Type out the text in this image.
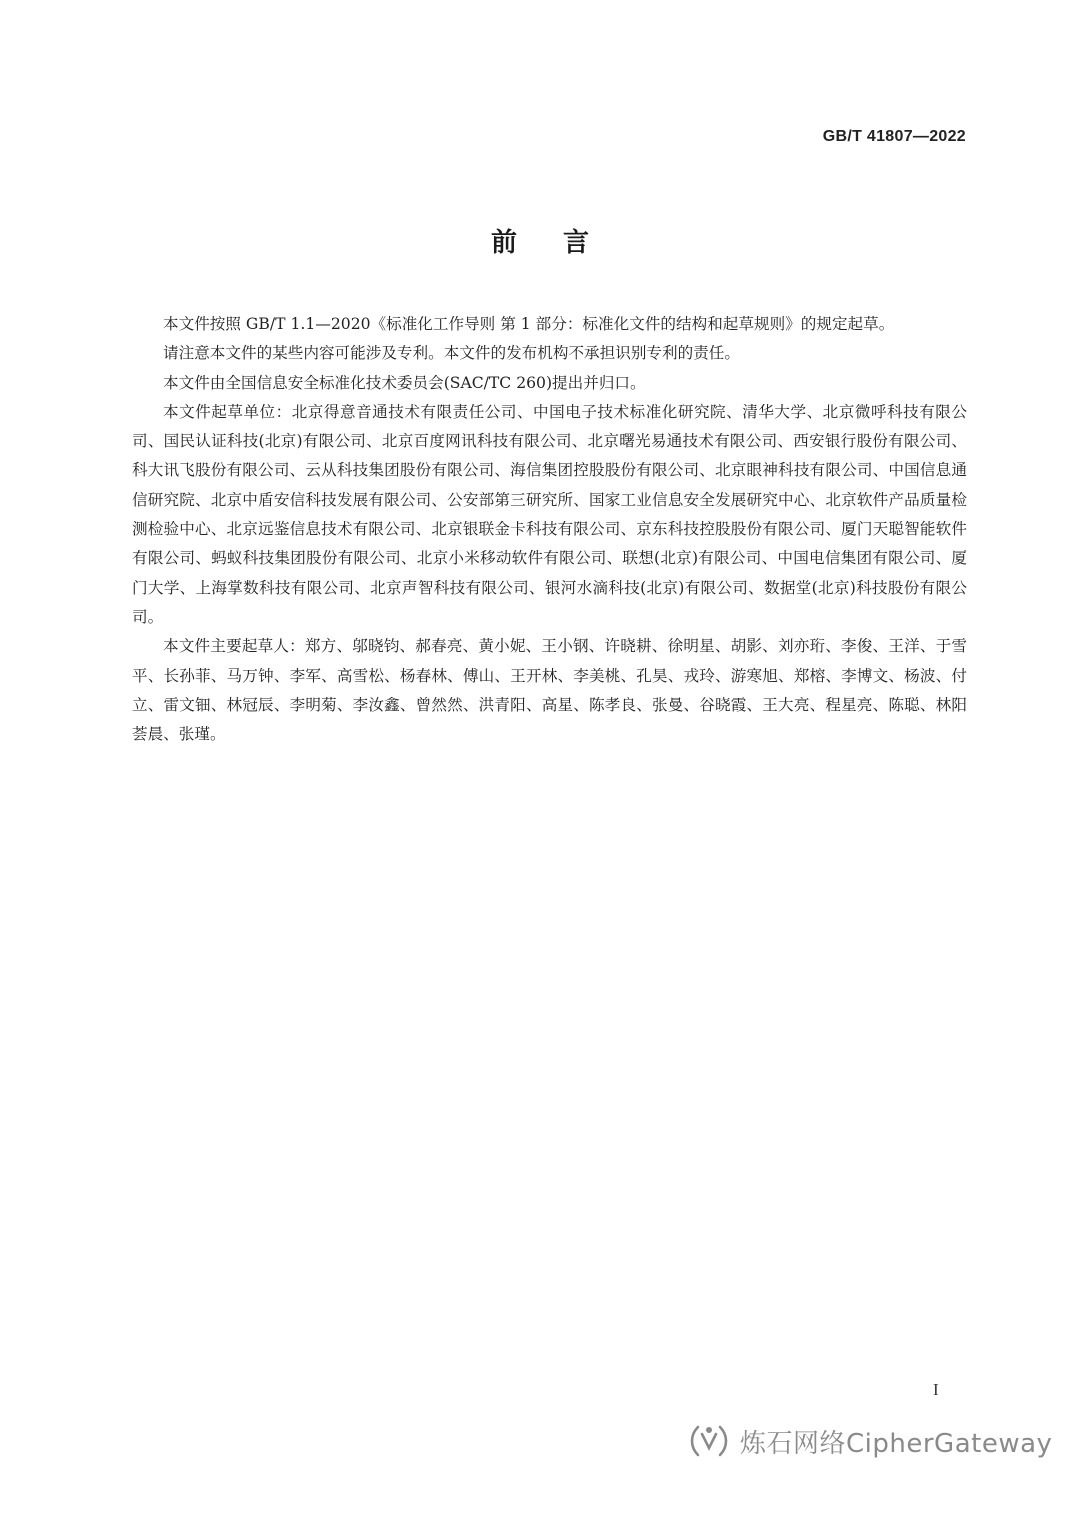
GB/T 41807—2022
前言

本文件按照 GB/T 1.1—2020《标准化工作导则 第 1 部分：标准化文件的结构和起草规则》的规定起草。

请注意本文件的某些内容可能涉及专利。本文件的发布机构不承担识别专利的责任。

本文件由全国信息安全标准化技术委员会(SAC/TC 260)提出并归口。

本文件起草单位：北京得意音通技术有限责任公司、中国电子技术标准化研究院、清华大学、北京微呼科技有限公司、国民认证科技(北京)有限公司、北京百度网讯科技有限公司、北京曙光易通技术有限公司、西安银行股份有限公司、科大讯飞股份有限公司、云从科技集团股份有限公司、海信集团控股股份有限公司、北京眼神科技有限公司、中国信息通信研究院、北京中盾安信科技发展有限公司、公安部第三研究所、国家工业信息安全发展研究中心、北京软件产品质量检测检验中心、北京远鉴信息技术有限公司、北京银联金卡科技有限公司、京东科技控股股份有限公司、厦门天聪智能软件有限公司、蚂蚁科技集团股份有限公司、北京小米移动软件有限公司、联想(北京)有限公司、中国电信集团有限公司、厦门大学、上海掌数科技有限公司、北京声智科技有限公司、银河水滴科技(北京)有限公司、数据堂(北京)科技股份有限公司。

本文件主要起草人：郑方、邬晓钧、郝春亮、黄小妮、王小钢、许晓耕、徐明星、胡影、刘亦珩、李俊、王洋、于雪平、长孙菲、马万钟、李军、高雪松、杨春林、傅山、王开林、李美桃、孔昊、戎玲、游寒旭、郑榕、李博文、杨波、付立、雷文钿、林冠辰、李明菊、李汝鑫、曾然然、洪青阳、高星、陈孝良、张曼、谷晓霞、王大亮、程星亮、陈聪、林阳荟晨、张瑾。

I
炼石网络CipherGateway
